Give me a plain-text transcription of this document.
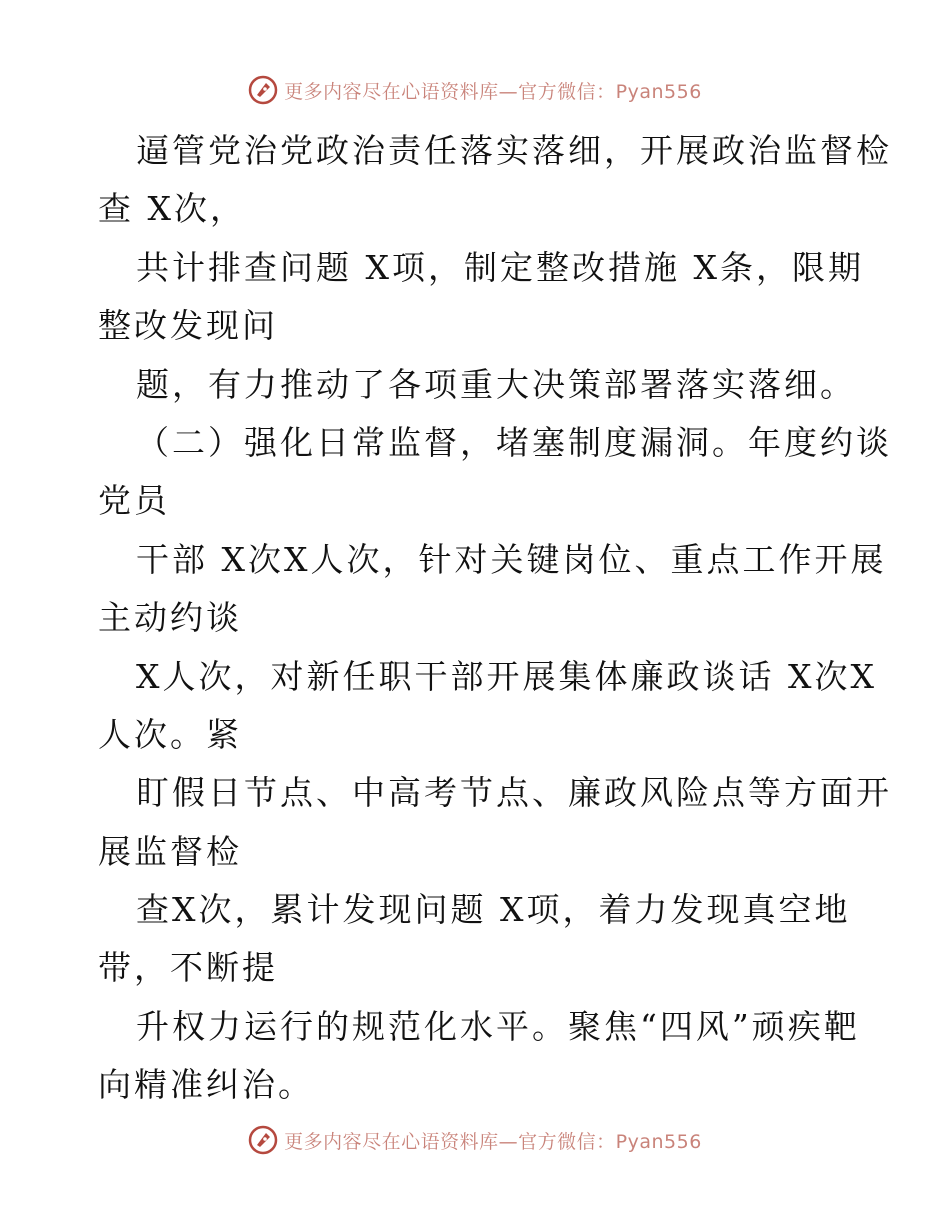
更多内容尽在心语资料库—官方微信：Pyan556
逼管党治党政治责任落实落细，开展政治监督检
查 X次，
共计排查问题 X项，制定整改措施 X条，限期
整改发现问
题，有力推动了各项重大决策部署落实落细。
（二）强化日常监督，堵塞制度漏洞。年度约谈
党员
干部 X次X人次，针对关键岗位、重点工作开展
主动约谈
X人次，对新任职干部开展集体廉政谈话 X次X
人次。紧
盯假日节点、中高考节点、廉政风险点等方面开
展监督检
查X次，累计发现问题 X项，着力发现真空地
带，不断提
升权力运行的规范化水平。聚焦“四风”顽疾靶
向精准纠治。
更多内容尽在心语资料库—官方微信：Pyan556
